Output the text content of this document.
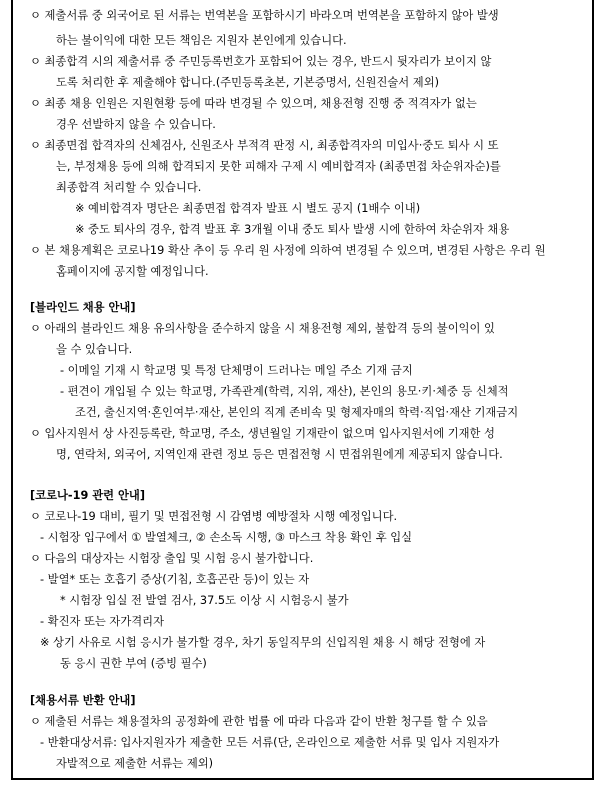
ㅇ 제출서류 중 외국어로 된 서류는 번역본을 포함하시기 바라오며 번역본을 포함하지 않아 발생
하는 불이익에 대한 모든 책임은 지원자 본인에게 있습니다.
ㅇ 최종합격 시의 제출서류 중 주민등록번호가 포함되어 있는 경우, 반드시 뒷자리가 보이지 않
도록 처리한 후 제출해야 합니다.(주민등록초본, 기본증명서, 신원진술서 제외)
ㅇ 최종 채용 인원은 지원현황 등에 따라 변경될 수 있으며, 채용전형 진행 중 적격자가 없는
경우 선발하지 않을 수 있습니다.
ㅇ 최종면접 합격자의 신체검사, 신원조사 부적격 판정 시, 최종합격자의 미입사·중도 퇴사 시 또
는, 부정채용 등에 의해 합격되지 못한 피해자 구제 시 예비합격자 (최종면접 차순위자순)를
최종합격 처리할 수 있습니다.
※ 예비합격자 명단은 최종면접 합격자 발표 시 별도 공지 (1배수 이내)
※ 중도 퇴사의 경우, 합격 발표 후 3개월 이내 중도 퇴사 발생 시에 한하여 차순위자 채용
ㅇ 본 채용계획은 코로나19 확산 추이 등 우리 원 사정에 의하여 변경될 수 있으며, 변경된 사항은 우리 원
홈페이지에 공지할 예정입니다.
[블라인드 채용 안내]
ㅇ 아래의 블라인드 채용 유의사항을 준수하지 않을 시 채용전형 제외, 불합격 등의 불이익이 있
을 수 있습니다.
- 이메일 기재 시 학교명 및 특정 단체명이 드러나는 메일 주소 기재 금지
- 편견이 개입될 수 있는 학교명, 가족관계(학력, 지위, 재산), 본인의 용모·키·체중 등 신체적
조건, 출신지역·혼인여부·재산, 본인의 직계 존비속 및 형제자매의 학력·직업·재산 기재금지
ㅇ 입사지원서 상 사진등록란, 학교명, 주소, 생년월일 기재란이 없으며 입사지원서에 기재한 성
명, 연락처, 외국어, 지역인재 관련 정보 등은 면접전형 시 면접위원에게 제공되지 않습니다.
[코로나-19 관련 안내]
ㅇ 코로나-19 대비, 필기 및 면접전형 시 감염병 예방절차 시행 예정입니다.
- 시험장 입구에서 ① 발열체크, ② 손소독 시행, ③ 마스크 착용 확인 후 입실
ㅇ 다음의 대상자는 시험장 출입 및 시험 응시 불가합니다.
- 발열* 또는 호흡기 증상(기침, 호흡곤란 등)이 있는 자
* 시험장 입실 전 발열 검사, 37.5도 이상 시 시험응시 불가
- 확진자 또는 자가격리자
※ 상기 사유로 시험 응시가 불가할 경우, 차기 동일직무의 신입직원 채용 시 해당 전형에 자
동 응시 권한 부여 (증빙 필수)
[채용서류 반환 안내]
ㅇ 제출된 서류는 채용절차의 공정화에 관한 법률 에 따라 다음과 같이 반환 청구를 할 수 있음
- 반환대상서류: 입사지원자가 제출한 모든 서류(단, 온라인으로 제출한 서류 및 입사 지원자가
자발적으로 제출한 서류는 제외)
